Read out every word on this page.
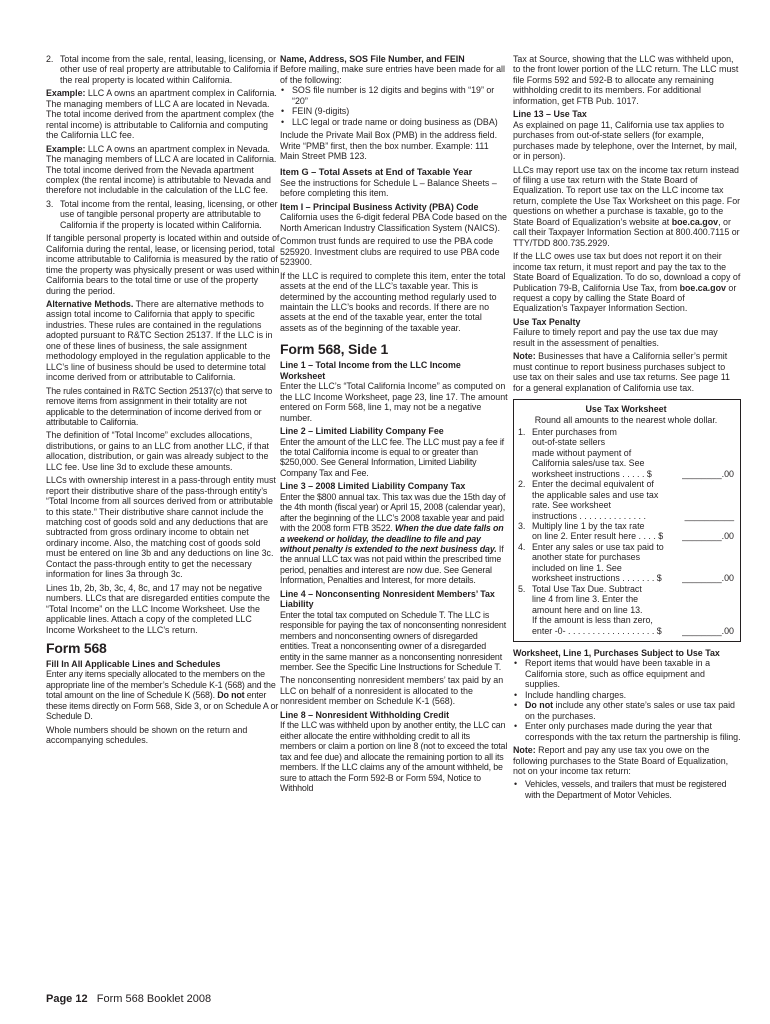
2. Total income from the sale, rental, leasing, licensing, or other use of real property are attributable to California if the real property is located within California.

Example: LLC A owns an apartment complex in California. The managing members of LLC A are located in Nevada. The total income derived from the apartment complex (the rental income) is attributable to California and computing the California LLC fee.

Example: LLC A owns an apartment complex in Nevada. The managing members of LLC A are located in California. The total income derived from the Nevada apartment complex (the rental income) is attributable to Nevada and therefore not includable in the calculation of the LLC fee.

3. Total income from the rental, leasing, licensing, or other use of tangible personal property are attributable to California if the property is located within California.

If tangible personal property is located within and outside of California during the rental, lease, or licensing period, total income attributable to California is measured by the ratio of time the property was physically present or was used within California bears to the total time or use of the property during the period.

Alternative Methods. There are alternative methods to assign total income to California that apply to specific industries. These rules are contained in the regulations adopted pursuant to R&TC Section 25137. If the LLC is in one of these lines of business, the sale assignment methodology employed in the regulation applicable to the LLC’s line of business should be used to determine total income derived from or attributable to California.

The rules contained in R&TC Section 25137(c) that serve to remove items from assignment in their totality are not applicable to the determination of income derived from or attributable to California.

The definition of “Total Income” excludes allocations, distributions, or gains to an LLC from another LLC, if that allocation, distribution, or gain was already subject to the LLC fee. Use line 3d to exclude these amounts.

LLCs with ownership interest in a pass-through entity must report their distributive share of the pass-through entity’s “Total Income from all sources derived from or attributable to this state.” Their distributive share cannot include the matching cost of goods sold and any deductions that are subtracted from gross ordinary income to obtain net ordinary income. Also, the matching cost of goods sold must be entered on line 3b and any deductions on line 3c. Contact the pass-through entity to get the necessary information for lines 3a through 3c.

Lines 1b, 2b, 3b, 3c, 4, 8c, and 17 may not be negative numbers. LLCs that are disregarded entities compute the “Total Income” on the LLC Income Worksheet. Use the applicable lines. Attach a copy of the completed LLC Income Worksheet to the LLC’s return.

Form 568
Fill In All Applicable Lines and Schedules

Enter any items specially allocated to the members on the appropriate line of the member’s Schedule K-1 (568) and the total amount on the line of Schedule K (568). Do not enter these items directly on Form 568, Side 3, or on Schedule A or Schedule D.

Whole numbers should be shown on the return and accompanying schedules.

Name, Address, SOS File Number, and FEIN

Before mailing, make sure entries have been made for all of the following:

• SOS file number is 12 digits and begins with “19” or “20”
• FEIN (9-digits)
• LLC legal or trade name or doing business as (DBA)

Include the Private Mail Box (PMB) in the address field. Write “PMB” first, then the box number. Example: 111 Main Street PMB 123.

Item G – Total Assets at End of Taxable Year

See the instructions for Schedule L – Balance Sheets – before completing this item.

Item I – Principal Business Activity (PBA) Code

California uses the 6-digit federal PBA Code based on the North American Industry Classification System (NAICS).

Common trust funds are required to use the PBA code 525920. Investment clubs are required to use PBA code 523900.

If the LLC is required to complete this item, enter the total assets at the end of the LLC’s taxable year. This is determined by the accounting method regularly used to maintain the LLC’s books and records. If there are no assets at the end of the taxable year, enter the total assets as of the beginning of the taxable year.

Form 568, Side 1
Line 1 – Total Income from the LLC Income Worksheet

Enter the LLC’s “Total California Income” as computed on the LLC Income Worksheet, page 23, line 17. The amount entered on Form 568, line 1, may not be a negative number.

Line 2 – Limited Liability Company Fee

Enter the amount of the LLC fee. The LLC must pay a fee if the total California income is equal to or greater than $250,000. See General Information, Limited Liability Company Tax and Fee.

Line 3 – 2008 Limited Liability Company Tax

Enter the $800 annual tax. This tax was due the 15th day of the 4th month (fiscal year) or April 15, 2008 (calendar year), after the beginning of the LLC’s 2008 taxable year and paid with the 2008 form FTB 3522. When the due date falls on a weekend or holiday, the deadline to file and pay without penalty is extended to the next business day. If the annual LLC tax was not paid within the prescribed time period, penalties and interest are now due. See General Information, Penalties and Interest, for more details.

Line 4 – Nonconsenting Nonresident Members’ Tax Liability

Enter the total tax computed on Schedule T. The LLC is responsible for paying the tax of nonconsenting nonresident members and nonconsenting owners of disregarded entities. Treat a nonconsenting owner of a disregarded entity in the same manner as a nonconsenting nonresident member. See the Specific Line Instructions for Schedule T.

The nonconsenting nonresident members’ tax paid by an LLC on behalf of a nonresident is allocated to the nonresident member on Schedule K-1 (568).

Line 8 – Nonresident Withholding Credit

If the LLC was withheld upon by another entity, the LLC can either allocate the entire withholding credit to all its members or claim a portion on line 8 (not to exceed the total tax and fee due) and allocate the remaining portion to all its members. If the LLC claims any of the amount withheld, be sure to attach the Form 592-B or Form 594, Notice to Withhold

Tax at Source, showing that the LLC was withheld upon, to the front lower portion of the LLC return. The LLC must file Forms 592 and 592-B to allocate any remaining withholding credit to its members. For additional information, get FTB Pub. 1017.

Line 13 – Use Tax

As explained on page 11, California use tax applies to purchases from out-of-state sellers (for example, purchases made by telephone, over the Internet, by mail, or in person).

LLCs may report use tax on the income tax return instead of filing a use tax return with the State Board of Equalization. To report use tax on the LLC income tax return, complete the Use Tax Worksheet on this page. For questions on whether a purchase is taxable, go to the State Board of Equalization’s website at boe.ca.gov, or call their Taxpayer Information Section at 800.400.7115 or TTY/TDD 800.735.2929.

If the LLC owes use tax but does not report it on their income tax return, it must report and pay the tax to the State Board of Equalization. To do so, download a copy of Publication 79-B, California Use Tax, from boe.ca.gov or request a copy by calling the State Board of Equalization’s Taxpayer Information Section.

Use Tax Penalty

Failure to timely report and pay the use tax due may result in the assessment of penalties.

Note: Businesses that have a California seller’s permit must continue to report business purchases subject to use tax on their sales and use tax returns. See page 11 for a general explanation of California use tax.

Use Tax Worksheet
Round all amounts to the nearest whole dollar.
1. Enter purchases from
out-of-state sellers
made without payment of
California sales/use tax. See
worksheet instructions . . . . . $	________.00
2. Enter the decimal equivalent of
the applicable sales and use tax
rate. See worksheet
instructions . . . . . . . . . . . . . .	__________
3. Multiply line 1 by the tax rate
on line 2. Enter result here . . . . $	________.00
4. Enter any sales or use tax paid to
another state for purchases
included on line 1. See
worksheet instructions . . . . . . . $	________.00
5. Total Use Tax Due. Subtract
line 4 from line 3. Enter the
amount here and on line 13.
If the amount is less than zero,
enter -0- . . . . . . . . . . . . . . . . . . $	________.00
Worksheet, Line 1, Purchases Subject to Use Tax
• Report items that would have been taxable in a California store, such as office equipment and supplies.
• Include handling charges.
• Do not include any other state’s sales or use tax paid on the purchases.
• Enter only purchases made during the year that corresponds with the tax return the partnership is filing.

Note: Report and pay any use tax you owe on the following purchases to the State Board of Equalization, not on your income tax return:

• Vehicles, vessels, and trailers that must be registered with the Department of Motor Vehicles.
Page 12 Form 568 Booklet 2008
